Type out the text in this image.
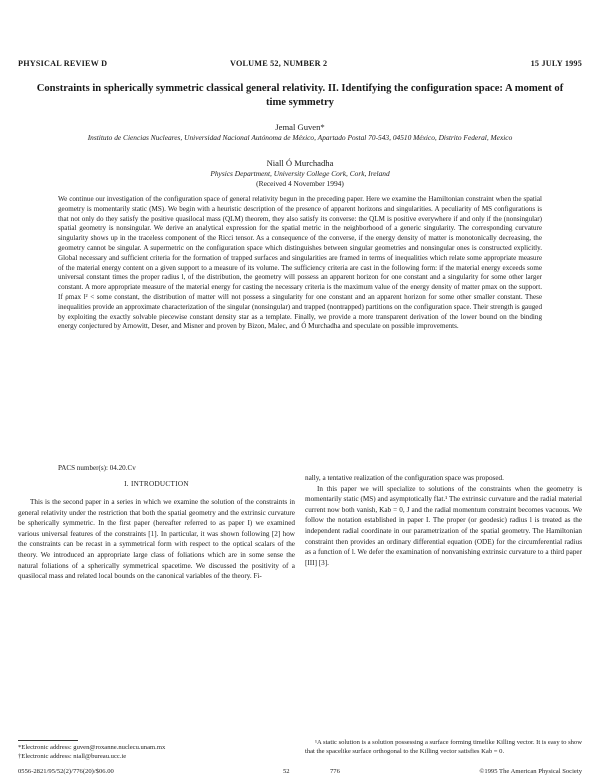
PHYSICAL REVIEW D	VOLUME 52, NUMBER 2	15 JULY 1995
Constraints in spherically symmetric classical general relativity. II. Identifying the configuration space: A moment of time symmetry

Jemal Guven*

Instituto de Ciencias Nucleares, Universidad Nacional Autónoma de México, Apartado Postal 70-543, 04510 México, Distrito Federal, Mexico

Niall Ó Murchadha

Physics Department, University College Cork, Cork, Ireland

(Received 4 November 1994)

We continue our investigation of the configuration space of general relativity begun in the preceding paper. Here we examine the Hamiltonian constraint when the spatial geometry is momentarily static (MS). We begin with a heuristic description of the presence of apparent horizons and singularities. A peculiarity of MS configurations is that not only do they satisfy the positive quasilocal mass (QLM) theorem, they also satisfy its converse: the QLM is positive everywhere if and only if the (nonsingular) spatial geometry is nonsingular. We derive an analytical expression for the spatial metric in the neighborhood of a generic singularity. The corresponding curvature singularity shows up in the traceless component of the Ricci tensor. As a consequence of the converse, if the energy density of matter is monotonically decreasing, the geometry cannot be singular. A supermetric on the configuration space which distinguishes between singular geometries and nonsingular ones is constructed explicitly. Global necessary and sufficient criteria for the formation of trapped surfaces and singularities are framed in terms of inequalities which relate some appropriate measure of the material energy content on a given support to a measure of its volume. The sufficiency criteria are cast in the following form: if the material energy exceeds some universal constant times the proper radius l, of the distribution, the geometry will possess an apparent horizon for one constant and a singularity for some other larger constant. A more appropriate measure of the material energy for casting the necessary criteria is the maximum value of the energy density of matter ρmax on the support. If ρmax l² < some constant, the distribution of matter will not possess a singularity for one constant and an apparent horizon for some other smaller constant. These inequalities provide an approximate characterization of the singular (nonsingular) and trapped (nontrapped) partitions on the configuration space. Their strength is gauged by exploiting the exactly solvable piecewise constant density star as a template. Finally, we provide a more transparent derivation of the lower bound on the binding energy conjectured by Arnowitt, Deser, and Misner and proven by Bizon, Malec, and Ó Murchadha and speculate on possible improvements.

PACS number(s): 04.20.Cv

I. INTRODUCTION

This is the second paper in a series in which we examine the solution of the constraints in general relativity under the restriction that both the spatial geometry and the extrinsic curvature be spherically symmetric. In the first paper (hereafter referred to as paper I) we examined various universal features of the constraints [1]. In particular, it was shown following [2] how the constraints can be recast in a symmetrical form with respect to the optical scalars of the theory. We introduced an appropriate large class of foliations which are in some sense the natural foliations of a spherically symmetrical spacetime. We discussed the positivity of a quasilocal mass and related local bounds on the canonical variables of the theory. Fi-

nally, a tentative realization of the configuration space was proposed.

In this paper we will specialize to solutions of the constraints when the geometry is momentarily static (MS) and asymptotically flat.¹ The extrinsic curvature and the radial material current now both vanish, Kab = 0, J and the radial momentum constraint becomes vacuous. We follow the notation established in paper I. The proper (or geodesic) radius l is treated as the independent radial coordinate in our parametrization of the spatial geometry. The Hamiltonian constraint then provides an ordinary differential equation (ODE) for the circumferential radius as a function of l. We defer the examination of nonvanishing extrinsic curvature to a third paper [III] [3].

*Electronic address: guven@roxanne.nuclecu.unam.mx

†Electronic address: niall@bureau.ucc.ie

¹A static solution is a solution possessing a surface forming timelike Killing vector. It is easy to show that the spacelike surface orthogonal to the Killing vector satisfies Kab = 0.

0556-2821/95/52(2)/776(20)/$06.00	52	776	©1995 The American Physical Society
